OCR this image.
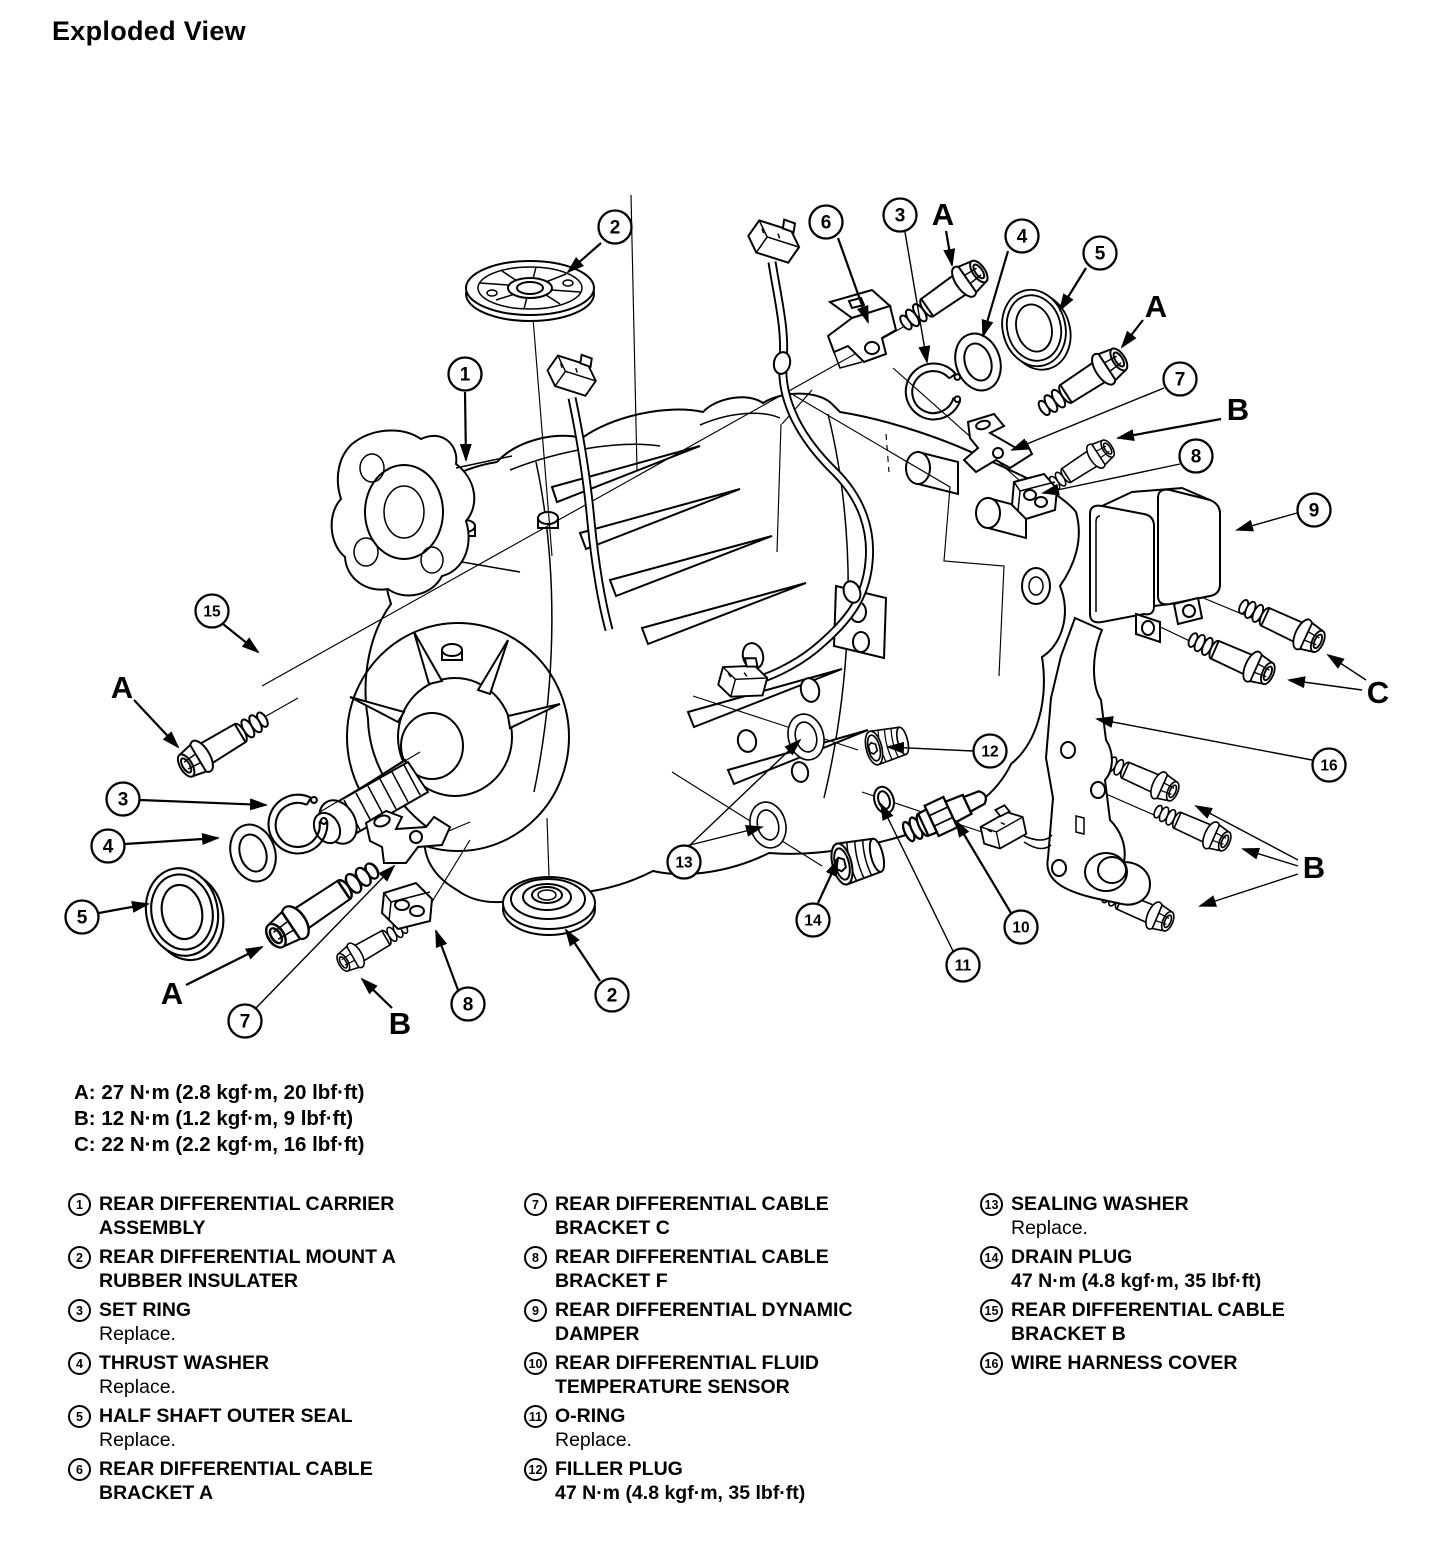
Exploded View
1
2
2
3
3
4
4
5
5
6
7
7
8
8
9
10
11
12
13
14
15
16
A
A
A
A
B
B
B
C
A: 27 N·m (2.8 kgf·m, 20 lbf·ft)
B: 12 N·m (1.2 kgf·m, 9 lbf·ft)
C: 22 N·m (2.2 kgf·m, 16 lbf·ft)
1 REAR DIFFERENTIAL CARRIER
ASSEMBLY
2 REAR DIFFERENTIAL MOUNT A
RUBBER INSULATER
3 SET RING
Replace.
4 THRUST WASHER
Replace.
5 HALF SHAFT OUTER SEAL
Replace.
6 REAR DIFFERENTIAL CABLE
BRACKET A
7 REAR DIFFERENTIAL CABLE
BRACKET C
8 REAR DIFFERENTIAL CABLE
BRACKET F
9 REAR DIFFERENTIAL DYNAMIC
DAMPER
10 REAR DIFFERENTIAL FLUID
TEMPERATURE SENSOR
11 O-RING
Replace.
12 FILLER PLUG
47 N·m (4.8 kgf·m, 35 lbf·ft)
13 SEALING WASHER
Replace.
14 DRAIN PLUG
47 N·m (4.8 kgf·m, 35 lbf·ft)
15 REAR DIFFERENTIAL CABLE
BRACKET B
16 WIRE HARNESS COVER
